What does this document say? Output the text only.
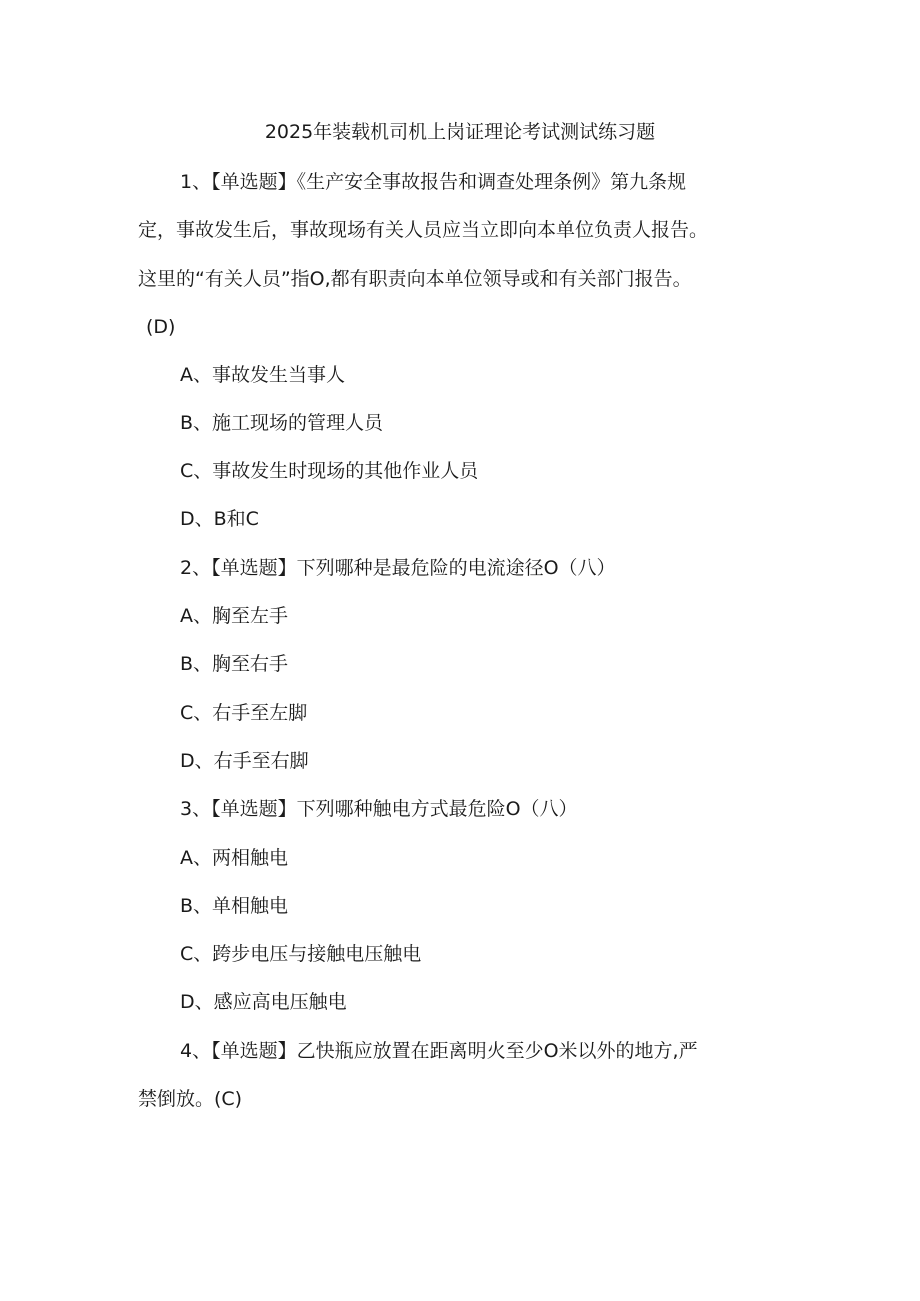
2025年装载机司机上岗证理论考试测试练习题
1、【单选题】《生产安全事故报告和调查处理条例》第九条规
定，事故发生后，事故现场有关人员应当立即向本单位负责人报告。
这里的“有关人员”指O,都有职责向本单位领导或和有关部门报告。
(D)
A、事故发生当事人
B、施工现场的管理人员
C、事故发生时现场的其他作业人员
D、B和C
2、【单选题】下列哪种是最危险的电流途径O（八）
A、胸至左手
B、胸至右手
C、右手至左脚
D、右手至右脚
3、【单选题】下列哪种触电方式最危险O（八）
A、两相触电
B、单相触电
C、跨步电压与接触电压触电
D、感应高电压触电
4、【单选题】乙快瓶应放置在距离明火至少O米以外的地方,严
禁倒放。(C)
